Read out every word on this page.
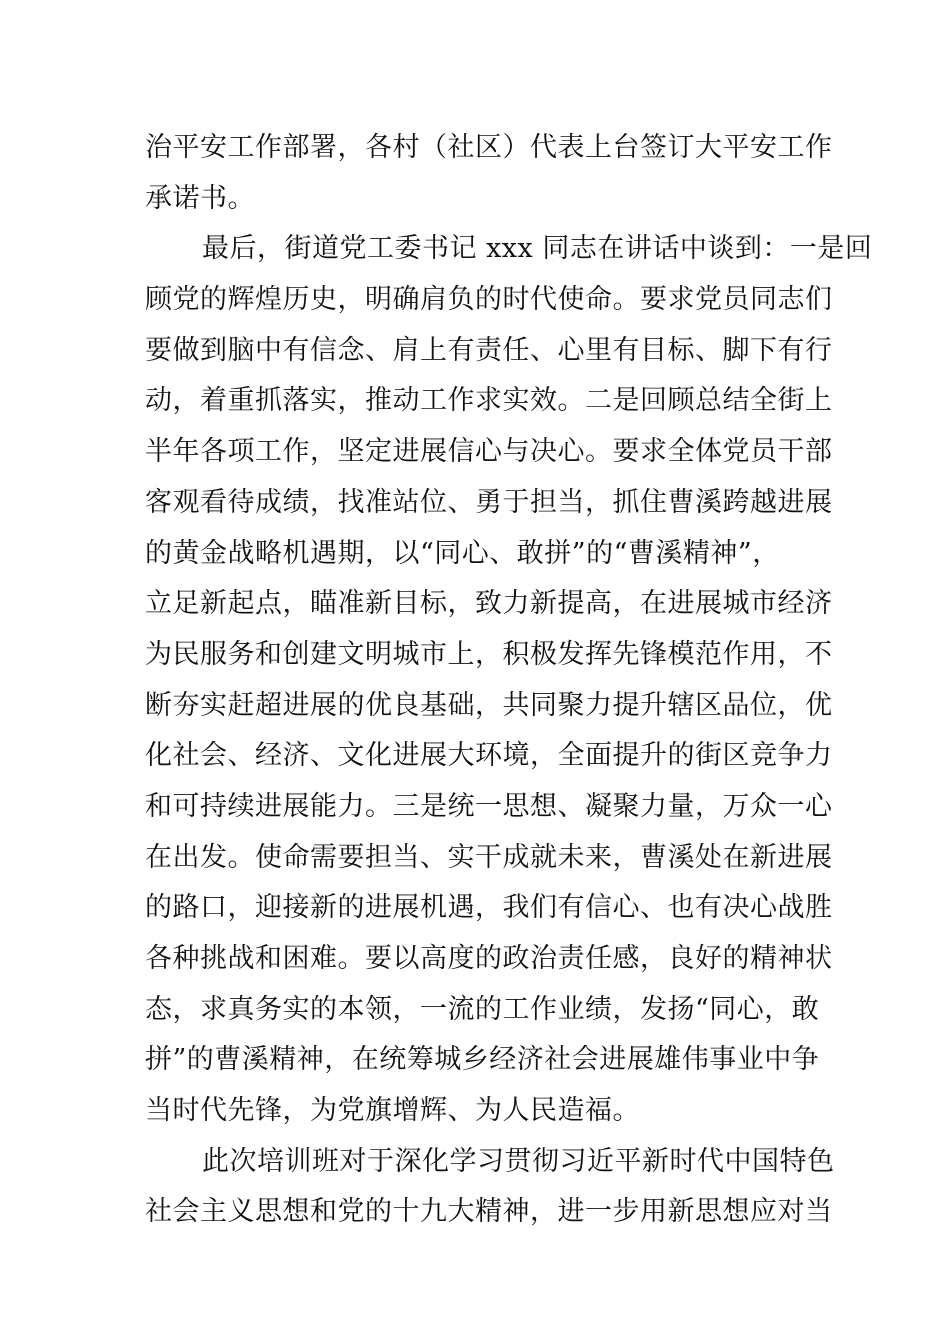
治平安工作部署，各村（社区）代表上台签订大平安工作
承诺书。
最后，街道党工委书记 xxx 同志在讲话中谈到：一是回
顾党的辉煌历史，明确肩负的时代使命。要求党员同志们
要做到脑中有信念、肩上有责任、心里有目标、脚下有行
动，着重抓落实，推动工作求实效。二是回顾总结全街上
半年各项工作，坚定进展信心与决心。要求全体党员干部
客观看待成绩，找准站位、勇于担当，抓住曹溪跨越进展
的黄金战略机遇期，以“同心、敢拼”的“曹溪精神”，
立足新起点，瞄准新目标，致力新提高，在进展城市经济
为民服务和创建文明城市上，积极发挥先锋模范作用，不
断夯实赶超进展的优良基础，共同聚力提升辖区品位，优
化社会、经济、文化进展大环境，全面提升的街区竞争力
和可持续进展能力。三是统一思想、凝聚力量，万众一心
在出发。使命需要担当、实干成就未来，曹溪处在新进展
的路口，迎接新的进展机遇，我们有信心、也有决心战胜
各种挑战和困难。要以高度的政治责任感，良好的精神状
态，求真务实的本领，一流的工作业绩，发扬“同心，敢
拼”的曹溪精神，在统筹城乡经济社会进展雄伟事业中争
当时代先锋，为党旗增辉、为人民造福。
此次培训班对于深化学习贯彻习近平新时代中国特色
社会主义思想和党的十九大精神，进一步用新思想应对当
